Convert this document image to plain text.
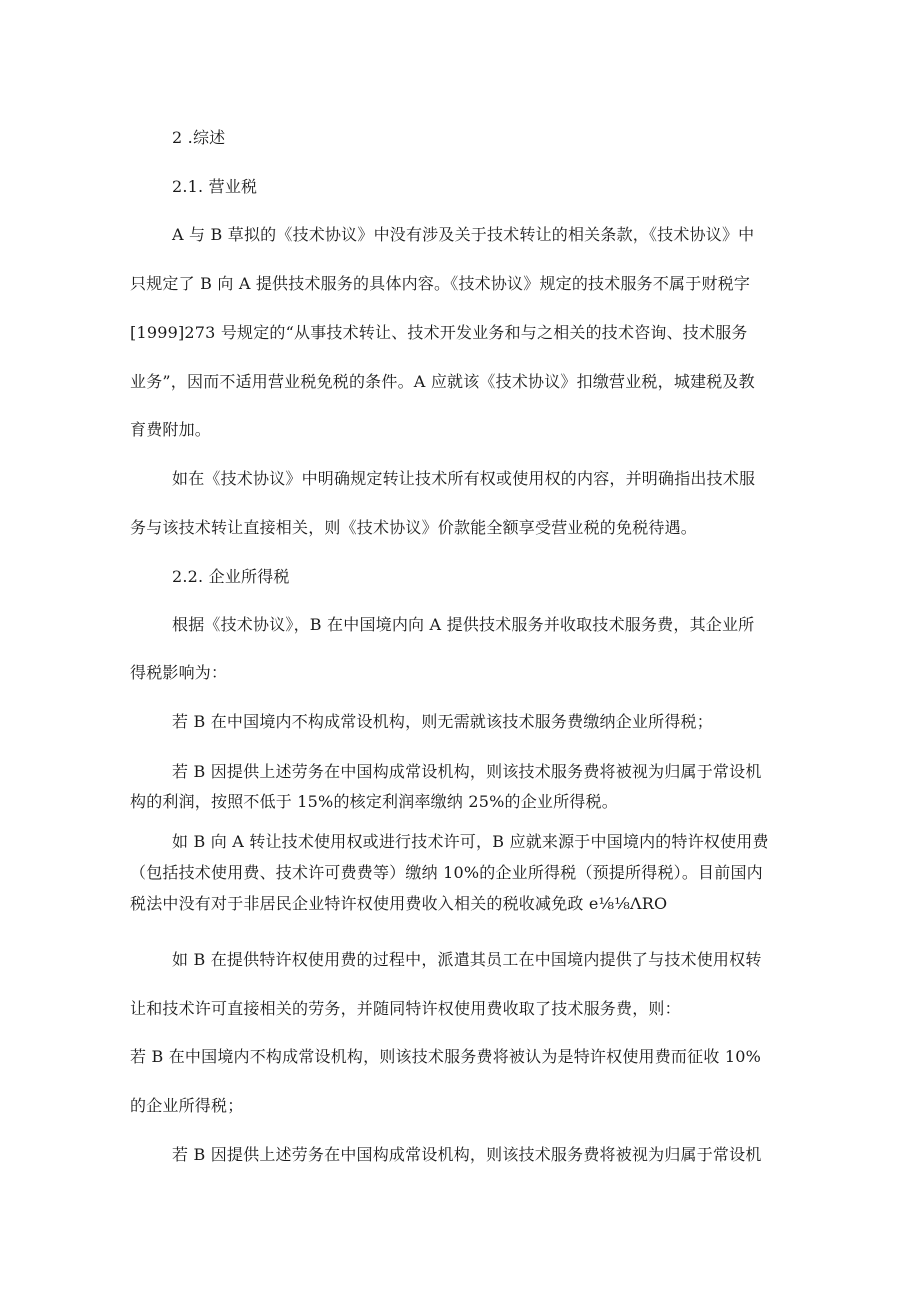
2 .综述
2.1. 营业税
A 与 B 草拟的《技术协议》中没有涉及关于技术转让的相关条款，《技术协议》中
只规定了 B 向 A 提供技术服务的具体内容。《技术协议》规定的技术服务不属于财税字
[1999]273 号规定的“从事技术转让、技术开发业务和与之相关的技术咨询、技术服务
业务”，因而不适用营业税免税的条件。A 应就该《技术协议》扣缴营业税，城建税及教
育费附加。
如在《技术协议》中明确规定转让技术所有权或使用权的内容，并明确指出技术服
务与该技术转让直接相关，则《技术协议》价款能全额享受营业税的免税待遇。
2.2. 企业所得税
根据《技术协议》，B 在中国境内向 A 提供技术服务并收取技术服务费，其企业所
得税影响为：
若 B 在中国境内不构成常设机构，则无需就该技术服务费缴纳企业所得税；
若 B 因提供上述劳务在中国构成常设机构，则该技术服务费将被视为归属于常设机
构的利润，按照不低于 15%的核定利润率缴纳 25%的企业所得税。
如 B 向 A 转让技术使用权或进行技术许可，B 应就来源于中国境内的特许权使用费
（包括技术使用费、技术许可费费等）缴纳 10%的企业所得税（预提所得税）。目前国内
税法中没有对于非居民企业特许权使用费收入相关的税收减免政 e⅛⅛ΛRO
如 B 在提供特许权使用费的过程中，派遣其员工在中国境内提供了与技术使用权转
让和技术许可直接相关的劳务，并随同特许权使用费收取了技术服务费，则：
若 B 在中国境内不构成常设机构，则该技术服务费将被认为是特许权使用费而征收 10%
的企业所得税；
若 B 因提供上述劳务在中国构成常设机构，则该技术服务费将被视为归属于常设机
